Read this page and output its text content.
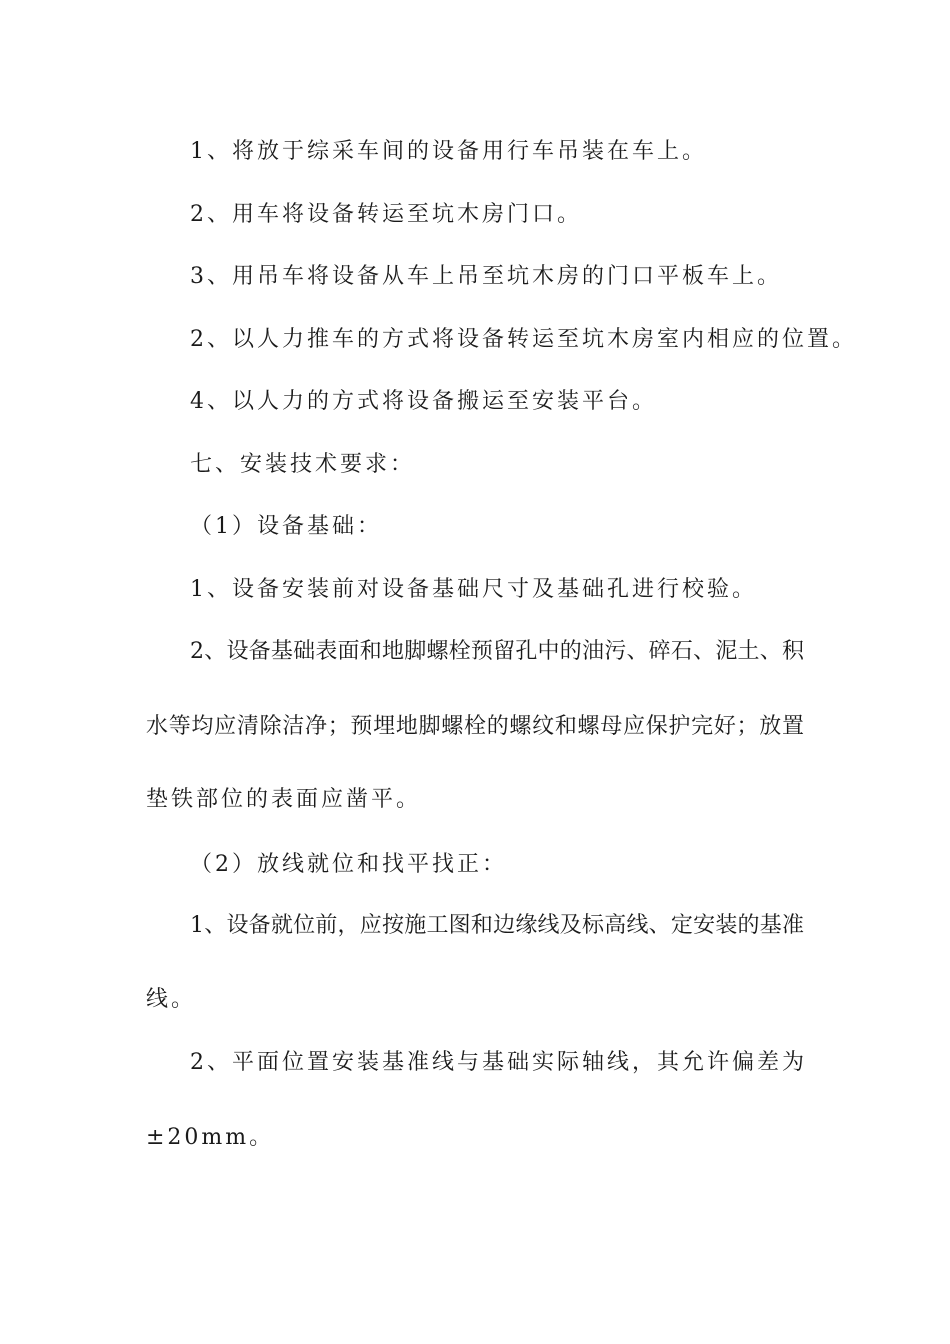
1、将放于综采车间的设备用行车吊装在车上。
2、用车将设备转运至坑木房门口。
3、用吊车将设备从车上吊至坑木房的门口平板车上。
2、以人力推车的方式将设备转运至坑木房室内相应的位置。
4、以人力的方式将设备搬运至安装平台。
七、安装技术要求：
（1）设备基础：
1、设备安装前对设备基础尺寸及基础孔进行校验。
2、设备基础表面和地脚螺栓预留孔中的油污、碎石、泥土、积
水等均应清除洁净；预埋地脚螺栓的螺纹和螺母应保护完好；放置
垫铁部位的表面应凿平。
（2）放线就位和找平找正：
1、设备就位前，应按施工图和边缘线及标高线、定安装的基准
线。
2、平面位置安装基准线与基础实际轴线，其允许偏差为
±20mm。
